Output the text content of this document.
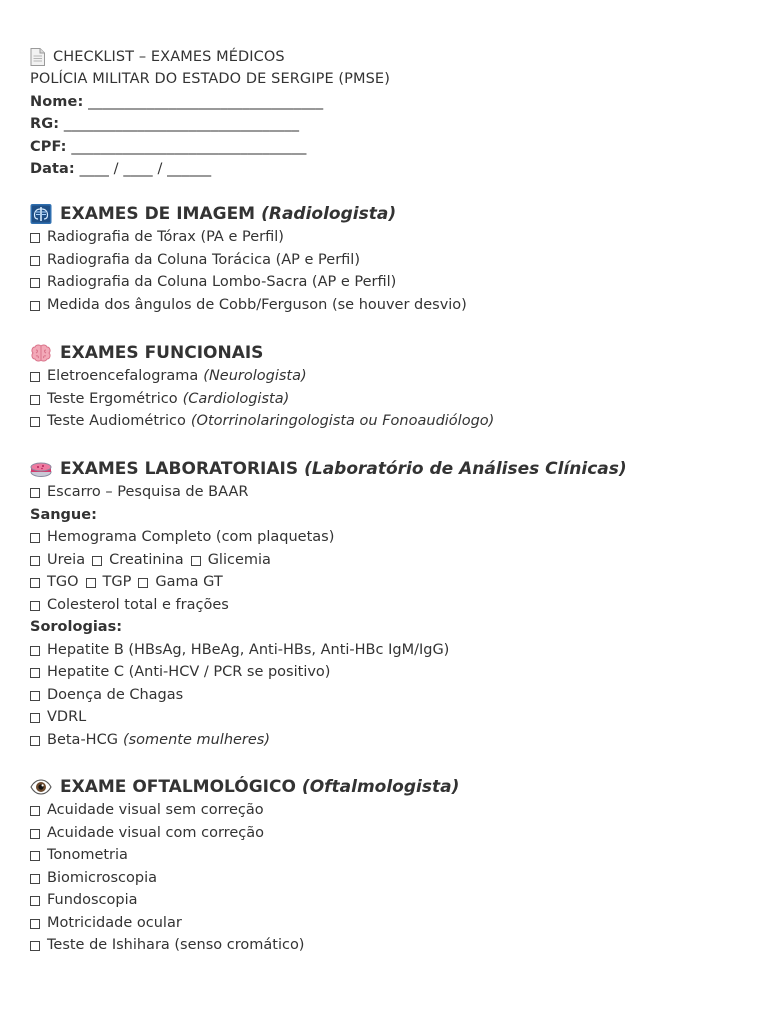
CHECKLIST – EXAMES MÉDICOS
POLÍCIA MILITAR DO ESTADO DE SERGIPE (PMSE)
Nome: ________________________________
RG: ________________________________
CPF: ________________________________
Data: ____ / ____ / ______
EXAMES DE IMAGEM (Radiologista)
Radiografia de Tórax (PA e Perfil)
Radiografia da Coluna Torácica (AP e Perfil)
Radiografia da Coluna Lombo-Sacra (AP e Perfil)
Medida dos ângulos de Cobb/Ferguson (se houver desvio)
EXAMES FUNCIONAIS
Eletroencefalograma (Neurologista)
Teste Ergométrico (Cardiologista)
Teste Audiométrico (Otorrinolaringologista ou Fonoaudiólogo)
EXAMES LABORATORIAIS (Laboratório de Análises Clínicas)
Escarro – Pesquisa de BAAR
Sangue:
Hemograma Completo (com plaquetas)
Ureia Creatinina Glicemia
TGO TGP Gama GT
Colesterol total e frações
Sorologias:
Hepatite B (HBsAg, HBeAg, Anti-HBs, Anti-HBc IgM/IgG)
Hepatite C (Anti-HCV / PCR se positivo)
Doença de Chagas
VDRL
Beta-HCG (somente mulheres)
EXAME OFTALMOLÓGICO (Oftalmologista)
Acuidade visual sem correção
Acuidade visual com correção
Tonometria
Biomicroscopia
Fundoscopia
Motricidade ocular
Teste de Ishihara (senso cromático)
